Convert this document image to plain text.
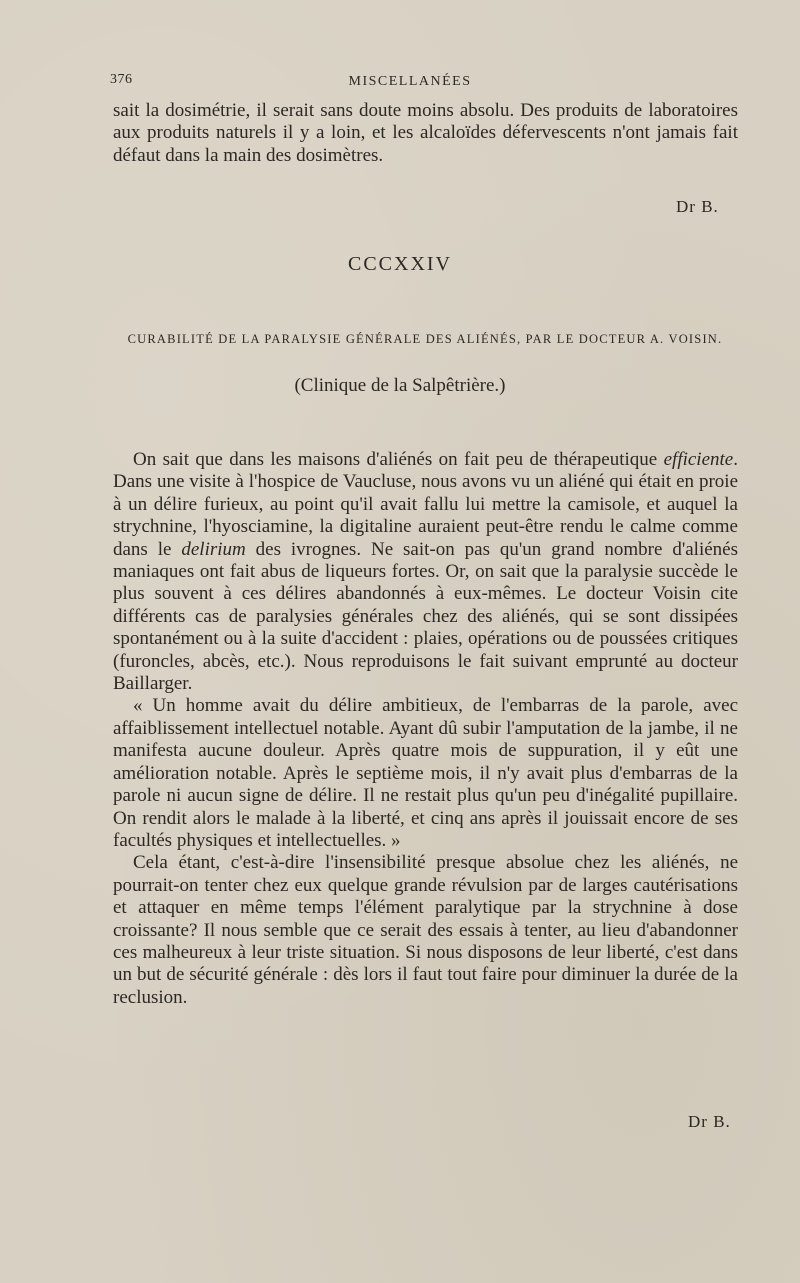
376	MISCELLANÉES

sait la dosimétrie, il serait sans doute moins absolu. Des produits de laboratoires aux produits naturels il y a loin, et les alcaloïdes défervescents n'ont jamais fait défaut dans la main des dosimètres.

Dr B.
CCCXXIV
CURABILITÉ DE LA PARALYSIE GÉNÉRALE DES ALIÉNÉS, PAR LE DOCTEUR A. VOISIN.
(Clinique de la Salpêtrière.)

On sait que dans les maisons d'aliénés on fait peu de thérapeutique efficiente. Dans une visite à l'hospice de Vaucluse, nous avons vu un aliéné qui était en proie à un délire furieux, au point qu'il avait fallu lui mettre la camisole, et auquel la strychnine, l'hyosciamine, la digitaline auraient peut-être rendu le calme comme dans le delirium des ivrognes. Ne sait-on pas qu'un grand nombre d'aliénés maniaques ont fait abus de liqueurs fortes. Or, on sait que la paralysie succède le plus souvent à ces délires abandonnés à eux-mêmes. Le docteur Voisin cite différents cas de paralysies générales chez des aliénés, qui se sont dissipées spontanément ou à la suite d'accident : plaies, opérations ou de poussées critiques (furoncles, abcès, etc.). Nous reproduisons le fait suivant emprunté au docteur Baillarger.

« Un homme avait du délire ambitieux, de l'embarras de la parole, avec affaiblissement intellectuel notable. Ayant dû subir l'amputation de la jambe, il ne manifesta aucune douleur. Après quatre mois de suppuration, il y eût une amélioration notable. Après le septième mois, il n'y avait plus d'embarras de la parole ni aucun signe de délire. Il ne restait plus qu'un peu d'inégalité pupillaire. On rendit alors le malade à la liberté, et cinq ans après il jouissait encore de ses facultés physiques et intellectuelles. »

Cela étant, c'est-à-dire l'insensibilité presque absolue chez les aliénés, ne pourrait-on tenter chez eux quelque grande révulsion par de larges cautérisations et attaquer en même temps l'élément paralytique par la strychnine à dose croissante? Il nous semble que ce serait des essais à tenter, au lieu d'abandonner ces malheureux à leur triste situation. Si nous disposons de leur liberté, c'est dans un but de sécurité générale : dès lors il faut tout faire pour diminuer la durée de la reclusion.

Dr B.
